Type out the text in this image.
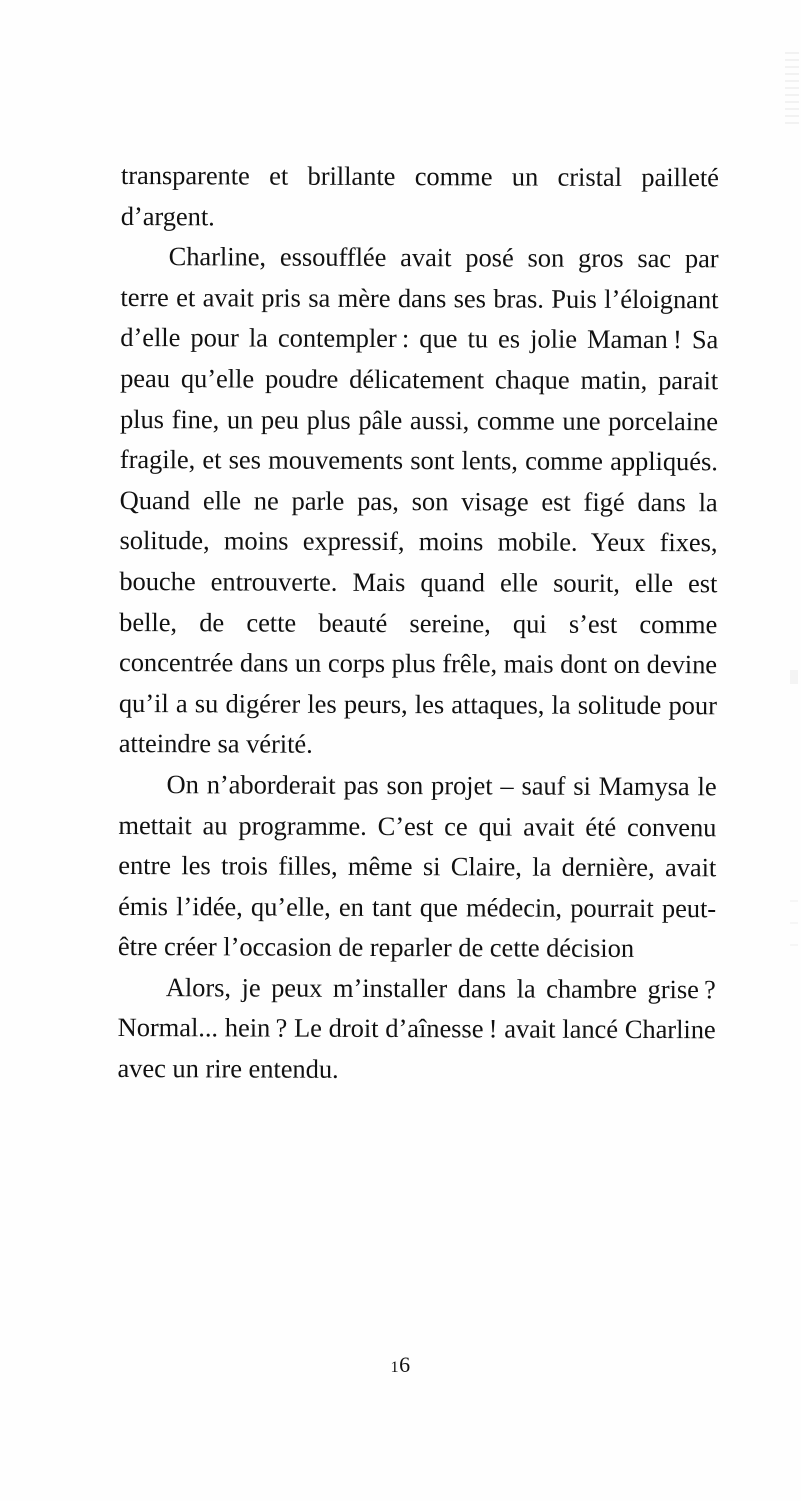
transparente et brillante comme un cristal pailleté d’argent.

Charline, essoufflée avait posé son gros sac par terre et avait pris sa mère dans ses bras. Puis l’éloignant d’elle pour la contempler : que tu es jolie Maman ! Sa peau qu’elle poudre délicatement chaque matin, parait plus fine, un peu plus pâle aussi, comme une porcelaine fragile, et ses mouvements sont lents, comme appliqués. Quand elle ne parle pas, son visage est figé dans la solitude, moins expressif, moins mobile. Yeux fixes, bouche entrouverte. Mais quand elle sourit, elle est belle, de cette beauté sereine, qui s’est comme concentrée dans un corps plus frêle, mais dont on devine qu’il a su digérer les peurs, les attaques, la solitude pour atteindre sa vérité.

On n’aborderait pas son projet – sauf si Mamysa le mettait au programme. C’est ce qui avait été convenu entre les trois filles, même si Claire, la dernière, avait émis l’idée, qu’elle, en tant que médecin, pourrait peut-être créer l’occasion de reparler de cette décision

Alors, je peux m’installer dans la chambre grise ? Normal... hein ? Le droit d’aînesse ! avait lancé Charline avec un rire entendu.

16
